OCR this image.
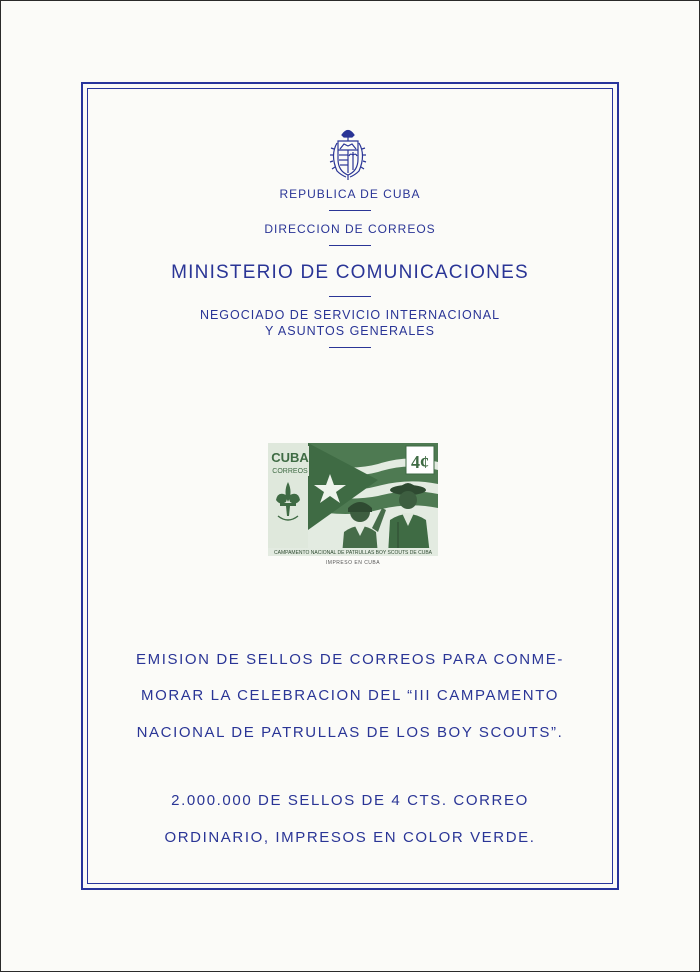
REPUBLICA DE CUBA
DIRECCION DE CORREOS
MINISTERIO DE COMUNICACIONES
NEGOCIADO DE SERVICIO INTERNACIONAL
Y ASUNTOS GENERALES
CUBA
CORREOS	4¢
CAMPAMENTO NACIONAL DE PATRULLAS BOY SCOUTS DE CUBA
IMPRESO EN CUBA
EMISION DE SELLOS DE CORREOS PARA CONME-
MORAR LA CELEBRACION DEL “III CAMPAMENTO
NACIONAL DE PATRULLAS DE LOS BOY SCOUTS”.
2.000.000 DE SELLOS DE 4 CTS. CORREO
ORDINARIO, IMPRESOS EN COLOR VERDE.
